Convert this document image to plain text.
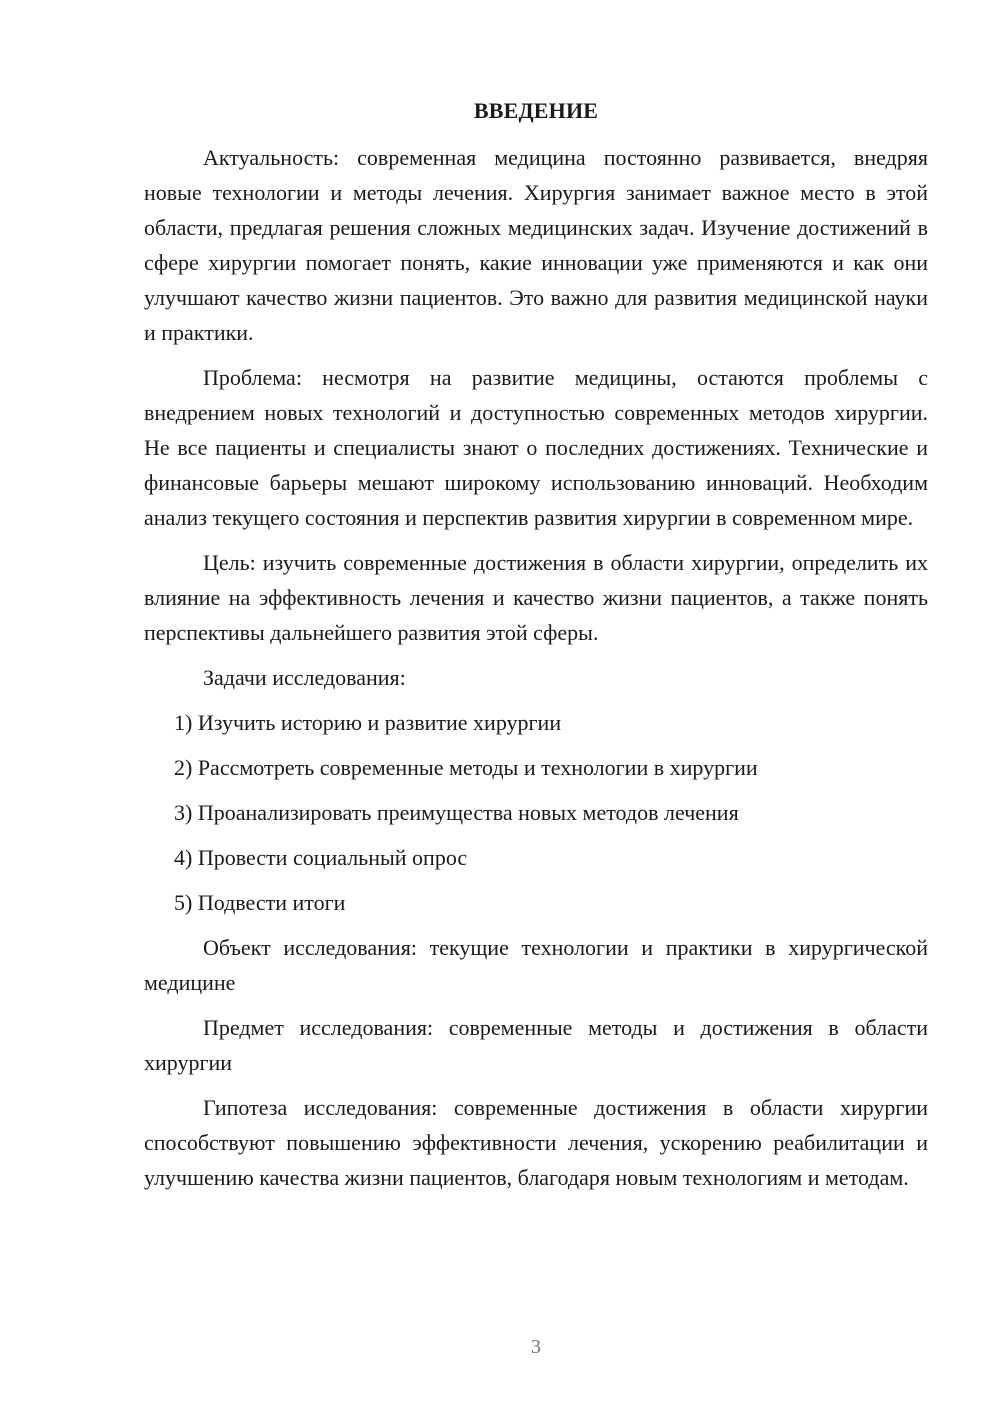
ВВЕДЕНИЕ

Актуальность: современная медицина постоянно развивается, внедряя новые технологии и методы лечения. Хирургия занимает важное место в этой области, предлагая решения сложных медицинских задач. Изучение достижений в сфере хирургии помогает понять, какие инновации уже применяются и как они улучшают качество жизни пациентов. Это важно для развития медицинской науки и практики.

Проблема: несмотря на развитие медицины, остаются проблемы с внедрением новых технологий и доступностью современных методов хирургии. Не все пациенты и специалисты знают о последних достижениях. Технические и финансовые барьеры мешают широкому использованию инноваций. Необходим анализ текущего состояния и перспектив развития хирургии в современном мире.

Цель: изучить современные достижения в области хирургии, определить их влияние на эффективность лечения и качество жизни пациентов, а также понять перспективы дальнейшего развития этой сферы.

Задачи исследования:

1) Изучить историю и развитие хирургии

2) Рассмотреть современные методы и технологии в хирургии

3) Проанализировать преимущества новых методов лечения

4) Провести социальный опрос

5) Подвести итоги

Объект исследования: текущие технологии и практики в хирургической медицине

Предмет исследования: современные методы и достижения в области хирургии

Гипотеза исследования: современные достижения в области хирургии способствуют повышению эффективности лечения, ускорению реабилитации и улучшению качества жизни пациентов, благодаря новым технологиям и методам.

3
